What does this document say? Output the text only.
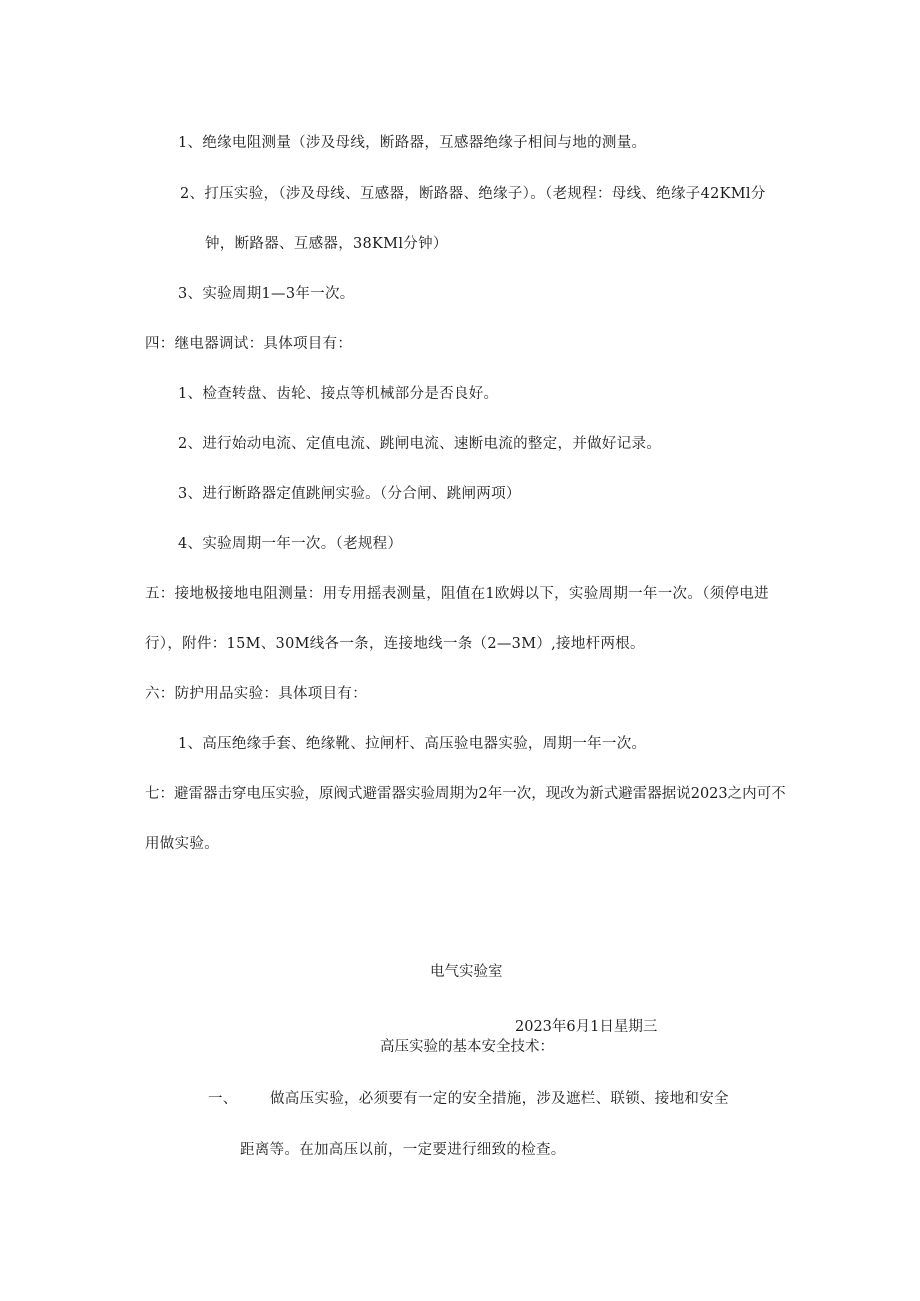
1、绝缘电阻测量（涉及母线，断路器，互感器绝缘子相间与地的测量。
2、打压实验，（涉及母线、互感器，断路器、绝缘子）。（老规程：母线、绝缘子42KMl分
钟，断路器、互感器，38KMl分钟）
3、实验周期1—3年一次。
四：继电器调试：具体项目有：
1、检查转盘、齿轮、接点等机械部分是否良好。
2、进行始动电流、定值电流、跳闸电流、速断电流的整定，并做好记录。
3、进行断路器定值跳闸实验。（分合闸、跳闸两项）
4、实验周期一年一次。（老规程）
五：接地极接地电阻测量：用专用摇表测量，阻值在1欧姆以下，实验周期一年一次。（须停电进
行），附件：15M、30M线各一条，连接地线一条（2—3M）,接地杆两根。
六：防护用品实验：具体项目有：
1、高压绝缘手套、绝缘靴、拉闸杆、高压验电器实验，周期一年一次。
七：避雷器击穿电压实验，原阀式避雷器实验周期为2年一次，现改为新式避雷器据说2023之内可不
用做实验。
电气实验室
2023年6月1日星期三
高压实验的基本安全技术：
一、 做高压实验，必须要有一定的安全措施，涉及遮栏、联锁、接地和安全
距离等。在加高压以前，一定要进行细致的检查。
